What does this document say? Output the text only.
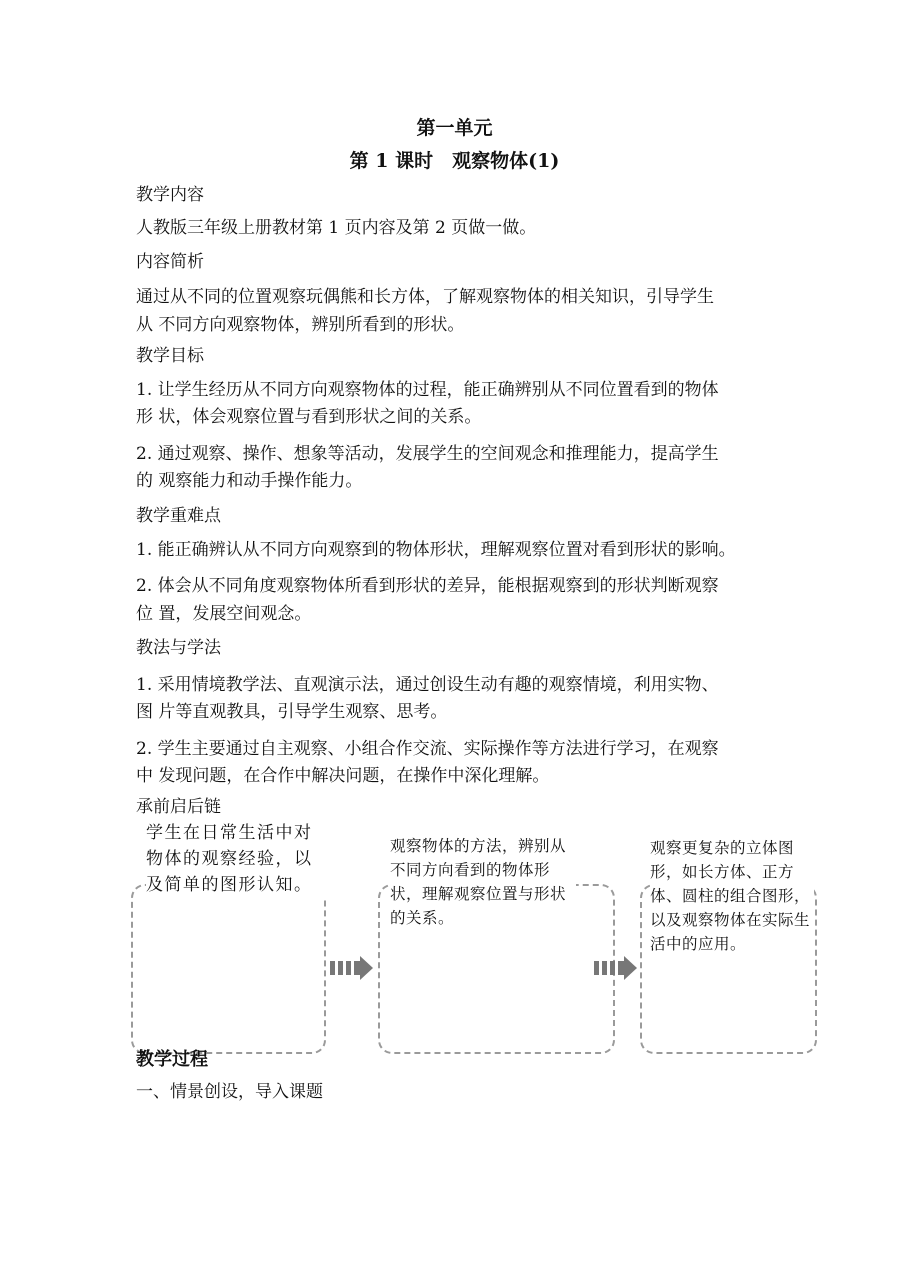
第一单元
第 1 课时　观察物体(1)
教学内容
人教版三年级上册教材第 1 页内容及第 2 页做一做。
内容简析
通过从不同的位置观察玩偶熊和长方体，了解观察物体的相关知识，引导学生
从 不同方向观察物体，辨别所看到的形状。
教学目标
1. 让学生经历从不同方向观察物体的过程，能正确辨别从不同位置看到的物体
形 状，体会观察位置与看到形状之间的关系。
2. 通过观察、操作、想象等活动，发展学生的空间观念和推理能力，提高学生
的 观察能力和动手操作能力。
教学重难点
1. 能正确辨认从不同方向观察到的物体形状，理解观察位置对看到形状的影响。
2. 体会从不同角度观察物体所看到形状的差异，能根据观察到的形状判断观察
位 置，发展空间观念。
教法与学法
1. 采用情境教学法、直观演示法，通过创设生动有趣的观察情境，利用实物、
图 片等直观教具，引导学生观察、思考。
2. 学生主要通过自主观察、小组合作交流、实际操作等方法进行学习，在观察
中 发现问题，在合作中解决问题，在操作中深化理解。
承前启后链
学生在日常生活中对物体的观察经验，以及简单的图形认知。
观察物体的方法，辨别从不同方向看到的物体形状，理解观察位置与形状的关系。
观察更复杂的立体图形，如长方体、正方体、圆柱的组合图形，以及观察物体在实际生活中的应用。
教学过程
一、情景创设，导入课题
